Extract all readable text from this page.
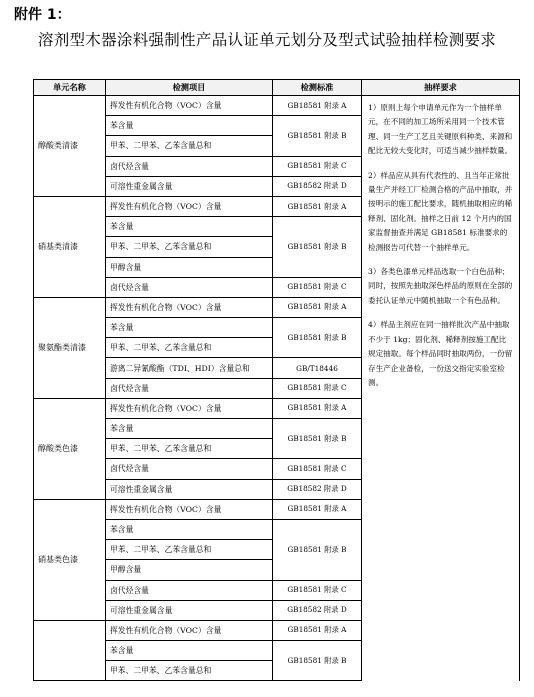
附件 1：
溶剂型木器涂料强制性产品认证单元划分及型式试验抽样检测要求
单元名称	检测项目	检测标准	抽样要求
醇酸类清漆	挥发性有机化合物（VOC）含量	GB18581 附录 A	1）原则上每个申请单元作为一个抽样单元，在不同的加工场所采用同一个技术管理、同一生产工艺且关键原料种类、来源和配比无较大变化时，可适当减少抽样数量。

2）样品应从具有代表性的、且当年正常批量生产并经工厂检测合格的产品中抽取，并按明示的施工配比要求，随机抽取相应的稀释剂、固化剂。抽样之日前 12 个月内的国家监督抽查并满足 GB18581 标准要求的检测报告可代替一个抽样单元。

3）各类色漆单元样品选取一个白色品种；同时，按照先抽取深色样品的原则在全部的委托认证单元中随机抽取一个有色品种。

4）样品主剂应在同一抽样批次产品中抽取不少于 1kg；固化剂、稀释剂按施工配比规定抽取。每个样品同时抽取两份，一份留存生产企业备检，一份送交指定实验室检测。

	苯含量	GB18581 附录 B	
	甲苯、二甲苯、乙苯含量总和		
	卤代烃含量	GB18581 附录 C	
	可溶性重金属含量	GB18582 附录 D	
硝基类清漆	挥发性有机化合物（VOC）含量	GB18581 附录 A	
	苯含量	GB18581 附录 B	
	甲苯、二甲苯、乙苯含量总和		
	甲醇含量		
	卤代烃含量	GB18581 附录 C	
聚氨酯类清漆	挥发性有机化合物（VOC）含量	GB18581 附录 A	
	苯含量	GB18581 附录 B	
	甲苯、二甲苯、乙苯含量总和		
	游离二异氰酸酯（TDI、HDI）含量总和	GB/T18446	
	卤代烃含量	GB18581 附录 C	
醇酸类色漆	挥发性有机化合物（VOC）含量	GB18581 附录 A	
	苯含量	GB18581 附录 B	
	甲苯、二甲苯、乙苯含量总和		
	卤代烃含量	GB18581 附录 C	
	可溶性重金属含量	GB18582 附录 D	
硝基类色漆	挥发性有机化合物（VOC）含量	GB18581 附录 A	
	苯含量	GB18581 附录 B	
	甲苯、二甲苯、乙苯含量总和		
	甲醇含量		
	卤代烃含量	GB18581 附录 C	
	可溶性重金属含量	GB18582 附录 D	
	挥发性有机化合物（VOC）含量	GB18581 附录 A	
	苯含量	GB18581 附录 B	
	甲苯、二甲苯、乙苯含量总和		
